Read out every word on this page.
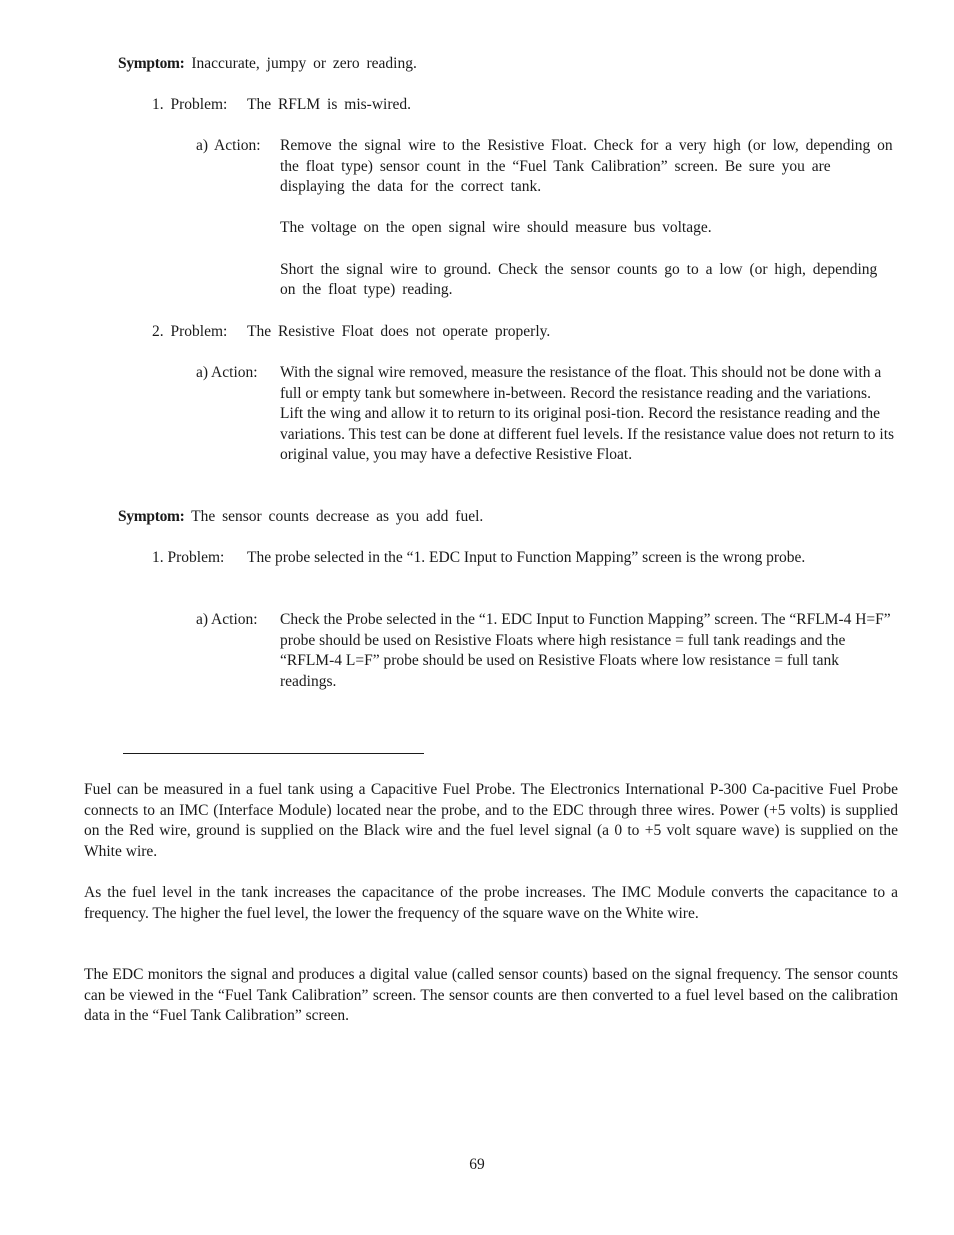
Symptom: Inaccurate, jumpy or zero reading.

1. Problem: The RFLM is mis-wired.
a) Action: Remove the signal wire to the Resistive Float. Check for a very high (or low, depending on the float type) sensor count in the “Fuel Tank Calibration” screen. Be sure you are displaying the data for the correct tank.

The voltage on the open signal wire should measure bus voltage.

Short the signal wire to ground. Check the sensor counts go to a low (or high, depending on the float type) reading.

2. Problem: The Resistive Float does not operate properly.
a) Action: With the signal wire removed, measure the resistance of the float. This should not be done with a full or empty tank but somewhere in-between. Record the resistance reading and the variations. Lift the wing and allow it to return to its original posi-tion. Record the resistance reading and the variations. This test can be done at different fuel levels. If the resistance value does not return to its original value, you may have a defective Resistive Float.

Symptom: The sensor counts decrease as you add fuel.

1. Problem: The probe selected in the “1. EDC Input to Function Mapping” screen is the wrong probe.
a) Action: Check the Probe selected in the “1. EDC Input to Function Mapping” screen. The “RFLM-4 H=F” probe should be used on Resistive Floats where high resistance = full tank readings and the “RFLM-4 L=F” probe should be used on Resistive Floats where low resistance = full tank readings.

Fuel can be measured in a fuel tank using a Capacitive Fuel Probe. The Electronics International P-300 Ca-pacitive Fuel Probe connects to an IMC (Interface Module) located near the probe, and to the EDC through three wires. Power (+5 volts) is supplied on the Red wire, ground is supplied on the Black wire and the fuel level signal (a 0 to +5 volt square wave) is supplied on the White wire.

As the fuel level in the tank increases the capacitance of the probe increases. The IMC Module converts the capacitance to a frequency. The higher the fuel level, the lower the frequency of the square wave on the White wire.

The EDC monitors the signal and produces a digital value (called sensor counts) based on the signal frequency. The sensor counts can be viewed in the “Fuel Tank Calibration” screen. The sensor counts are then converted to a fuel level based on the calibration data in the “Fuel Tank Calibration” screen.

69
